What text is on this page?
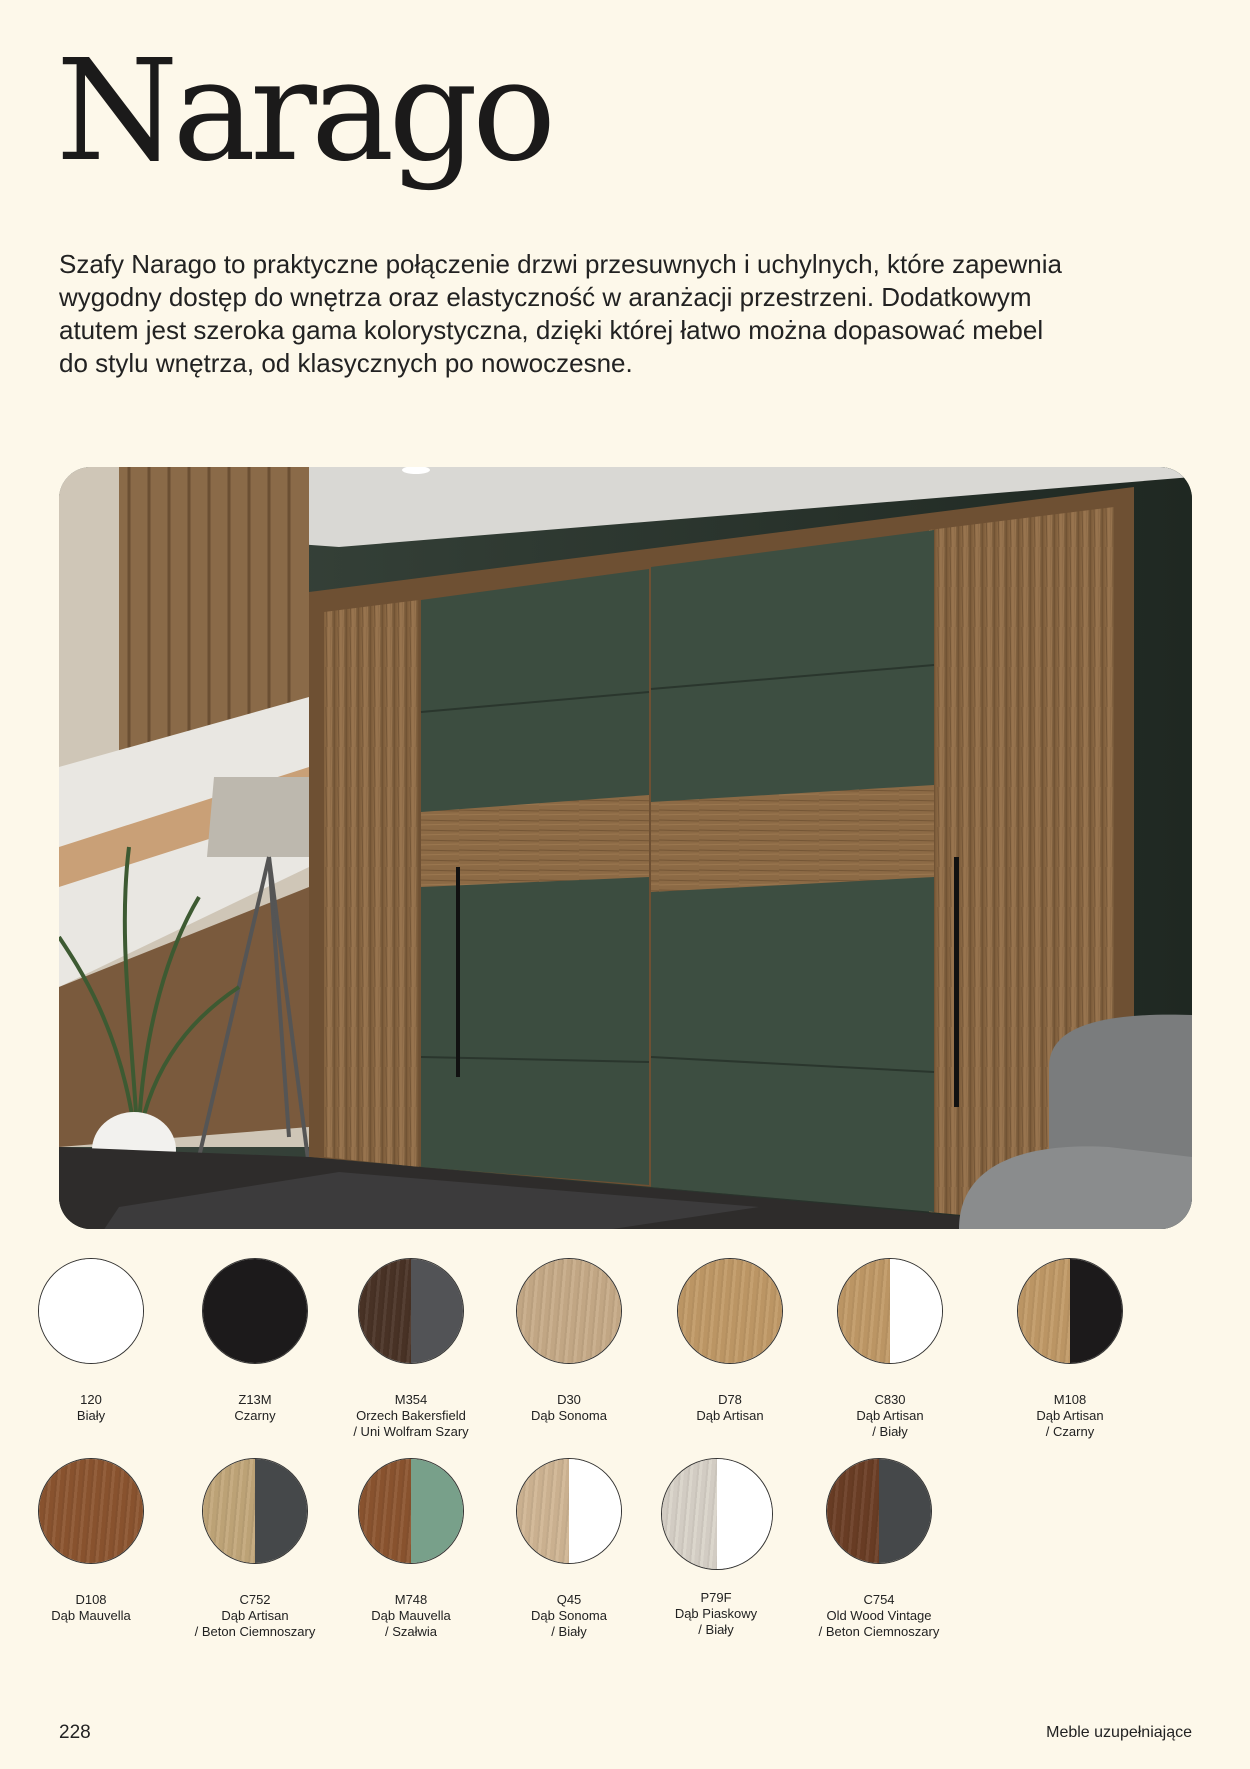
Narago

Szafy Narago to praktyczne połączenie drzwi przesuwnych i uchylnych, które zapewnia wygodny dostęp do wnętrza oraz elastyczność w aranżacji przestrzeni. Dodatkowym atutem jest szeroka gama kolorystyczna, dzięki której łatwo można dopasować mebel do stylu wnętrza, od klasycznych po nowoczesne.

120
Biały
Z13M
Czarny
M354
Orzech Bakersfield
/ Uni Wolfram Szary
D30
Dąb Sonoma
D78
Dąb Artisan
C830
Dąb Artisan
/ Biały
M108
Dąb Artisan
/ Czarny
D108
Dąb Mauvella
C752
Dąb Artisan
/ Beton Ciemnoszary
M748
Dąb Mauvella
/ Szałwia
Q45
Dąb Sonoma
/ Biały
P79F
Dąb Piaskowy
/ Biały
C754
Old Wood Vintage
/ Beton Ciemnoszary
228	Meble uzupełniające
